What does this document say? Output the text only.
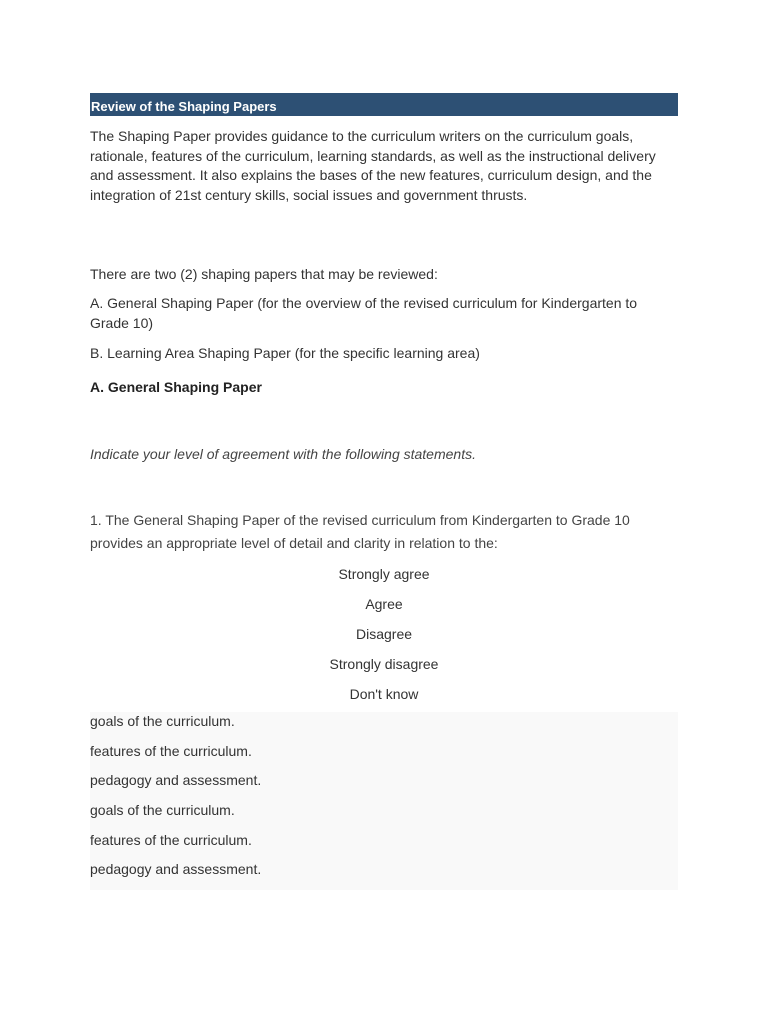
Review of the Shaping Papers

The Shaping Paper provides guidance to the curriculum writers on the curriculum goals, rationale, features of the curriculum, learning standards, as well as the instructional delivery and assessment. It also explains the bases of the new features, curriculum design, and the integration of 21st century skills, social issues and government thrusts.

There are two (2) shaping papers that may be reviewed:

A. General Shaping Paper (for the overview of the revised curriculum for Kindergarten to Grade 10)

B. Learning Area Shaping Paper (for the specific learning area)

A. General Shaping Paper

Indicate your level of agreement with the following statements.

1. The General Shaping Paper of the revised curriculum from Kindergarten to Grade 10 provides an appropriate level of detail and clarity in relation to the:

Strongly agree
Agree
Disagree
Strongly disagree
Don't know
goals of the curriculum.
features of the curriculum.
pedagogy and assessment.
goals of the curriculum.
features of the curriculum.
pedagogy and assessment.
